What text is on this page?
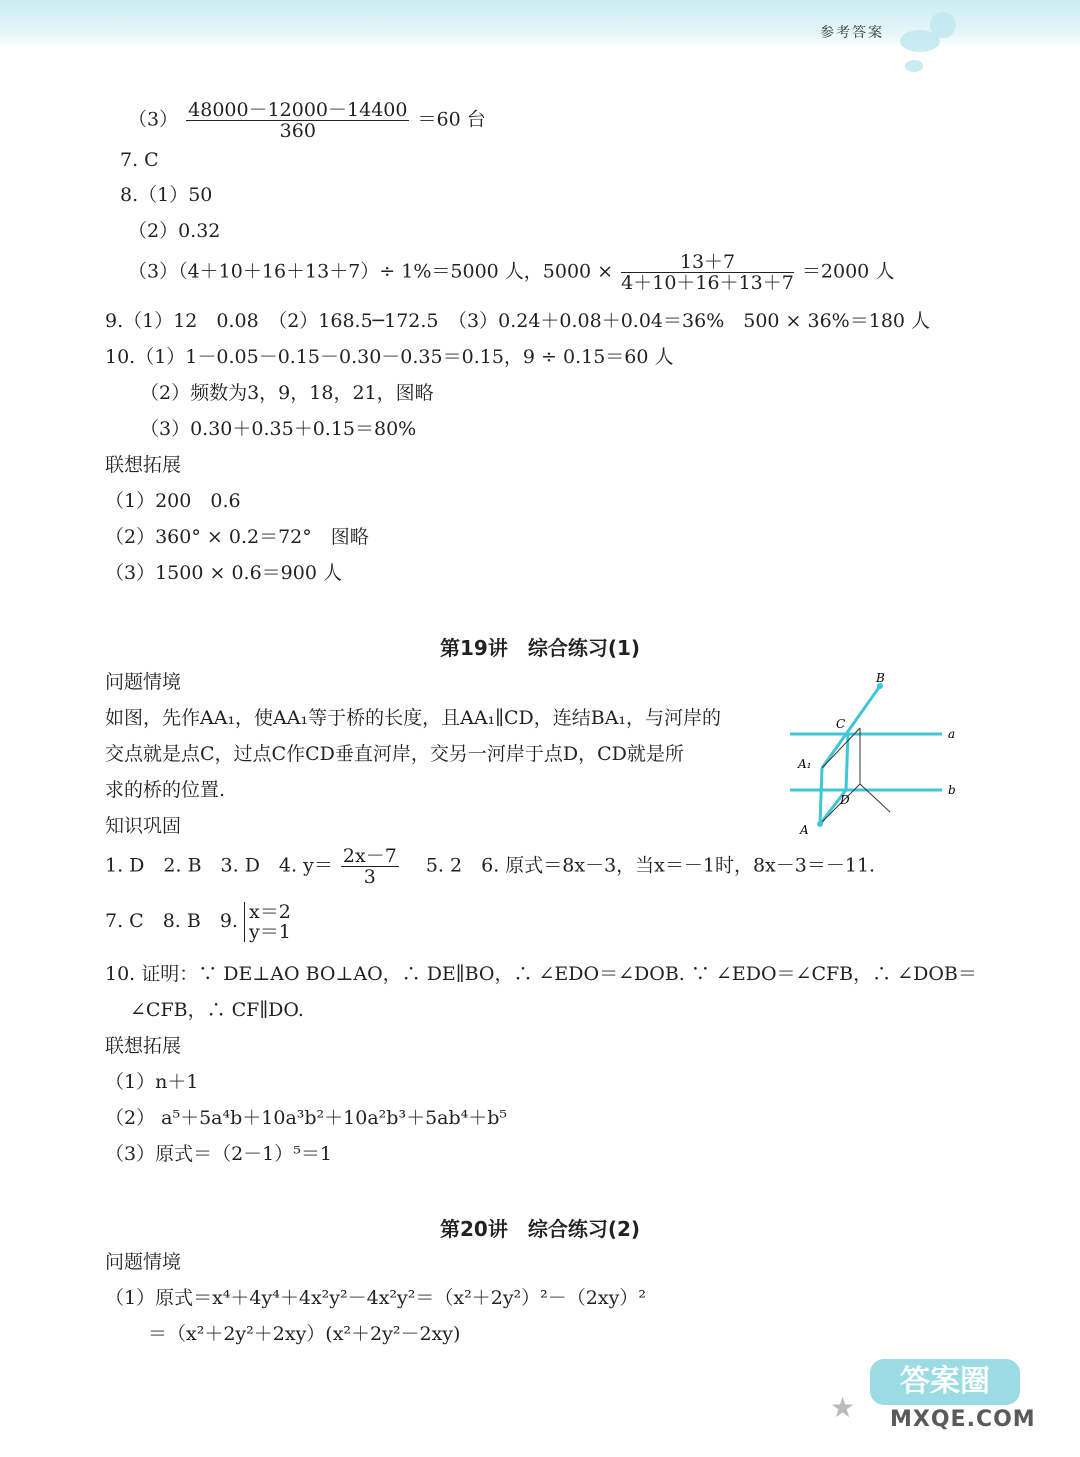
参考答案
$(3) \frac{48000-12000-14400}{360} =60$ 台
7. C
8.（1）50
（2）0.32
（3）（4＋10＋16＋13＋7）÷ 1%＝5000 人，$5000 \times \frac{13+7}{4+10+16+13+7} =2000$ 人
9.（1）12　0.08　（2）168.5─172.5　（3）0.24＋0.08＋0.04＝36%　500 × 36%＝180 人
10.（1）1－0.05－0.15－0.30－0.35＝0.15，9 ÷ 0.15＝60 人
（2）频数为3，9，18，21，图略
（3）0.30＋0.35＋0.15＝80%
联想拓展
（1）200　0.6
（2）360° × 0.2＝72°　图略
（3）1500 × 0.6＝900 人
第19讲　综合练习(1)
问题情境
如图，先作AA₁，使AA₁等于桥的长度，且AA₁∥CD，连结BA₁，与河岸的
交点就是点C，过点C作CD垂直河岸，交另一河岸于点D，CD就是所
求的桥的位置.
B
C
a
A₁
D
b
A
知识巩固
1. D　2. B　3. D　4. $y= \frac{2x-7}{3}$ 　5. 2　6. 原式＝8x－3，当x＝－1时，8x－3＝－11.
7. C　8. B　9. x＝2
y＝1
10. 证明：∵ DE⊥AO BO⊥AO，∴ DE∥BO，∴ ∠EDO＝∠DOB. ∵ ∠EDO＝∠CFB，∴ ∠DOB＝
∠CFB，∴ CF∥DO.
联想拓展
（1）n＋1
（2） a⁵＋5a⁴b＋10a³b²＋10a²b³＋5ab⁴＋b⁵
（3）原式＝（2－1）⁵＝1
第20讲　综合练习(2)
问题情境
（1）原式＝x⁴＋4y⁴＋4x²y²－4x²y²＝（x²＋2y²）²－（2xy）²
＝（x²＋2y²＋2xy）(x²＋2y²－2xy)
★
答案圈
MXQE.COM
